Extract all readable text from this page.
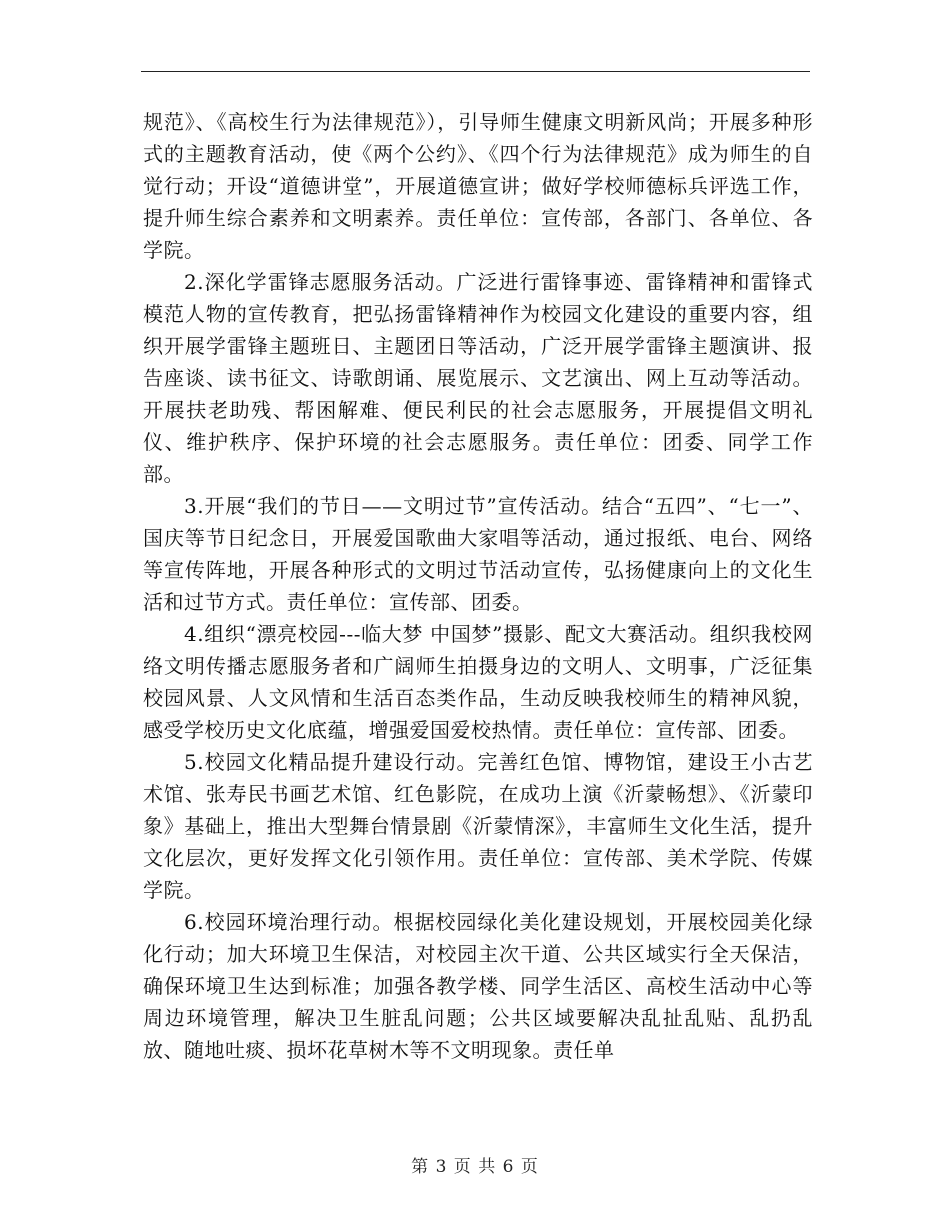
规范》、《高校生行为法律规范》），引导师生健康文明新风尚；开展多种形式的主题教育活动，使《两个公约》、《四个行为法律规范》成为师生的自觉行动；开设“道德讲堂”，开展道德宣讲；做好学校师德标兵评选工作，提升师生综合素养和文明素养。责任单位：宣传部，各部门、各单位、各学院。

2.深化学雷锋志愿服务活动。广泛进行雷锋事迹、雷锋精神和雷锋式模范人物的宣传教育，把弘扬雷锋精神作为校园文化建设的重要内容，组织开展学雷锋主题班日、主题团日等活动，广泛开展学雷锋主题演讲、报告座谈、读书征文、诗歌朗诵、展览展示、文艺演出、网上互动等活动。开展扶老助残、帮困解难、便民利民的社会志愿服务，开展提倡文明礼仪、维护秩序、保护环境的社会志愿服务。责任单位：团委、同学工作部。

3.开展“我们的节日——文明过节”宣传活动。结合“五四”、“七一”、国庆等节日纪念日，开展爱国歌曲大家唱等活动，通过报纸、电台、网络等宣传阵地，开展各种形式的文明过节活动宣传，弘扬健康向上的文化生活和过节方式。责任单位：宣传部、团委。

4.组织“漂亮校园---临大梦 中国梦”摄影、配文大赛活动。组织我校网络文明传播志愿服务者和广阔师生拍摄身边的文明人、文明事，广泛征集校园风景、人文风情和生活百态类作品，生动反映我校师生的精神风貌，感受学校历史文化底蕴，增强爱国爱校热情。责任单位：宣传部、团委。

5.校园文化精品提升建设行动。完善红色馆、博物馆，建设王小古艺术馆、张寿民书画艺术馆、红色影院，在成功上演《沂蒙畅想》、《沂蒙印象》基础上，推出大型舞台情景剧《沂蒙情深》，丰富师生文化生活，提升文化层次，更好发挥文化引领作用。责任单位：宣传部、美术学院、传媒学院。

6.校园环境治理行动。根据校园绿化美化建设规划，开展校园美化绿化行动；加大环境卫生保洁，对校园主次干道、公共区域实行全天保洁，确保环境卫生达到标准；加强各教学楼、同学生活区、高校生活动中心等周边环境管理，解决卫生脏乱问题；公共区域要解决乱扯乱贴、乱扔乱放、随地吐痰、损坏花草树木等不文明现象。责任单

第 3 页 共 6 页
